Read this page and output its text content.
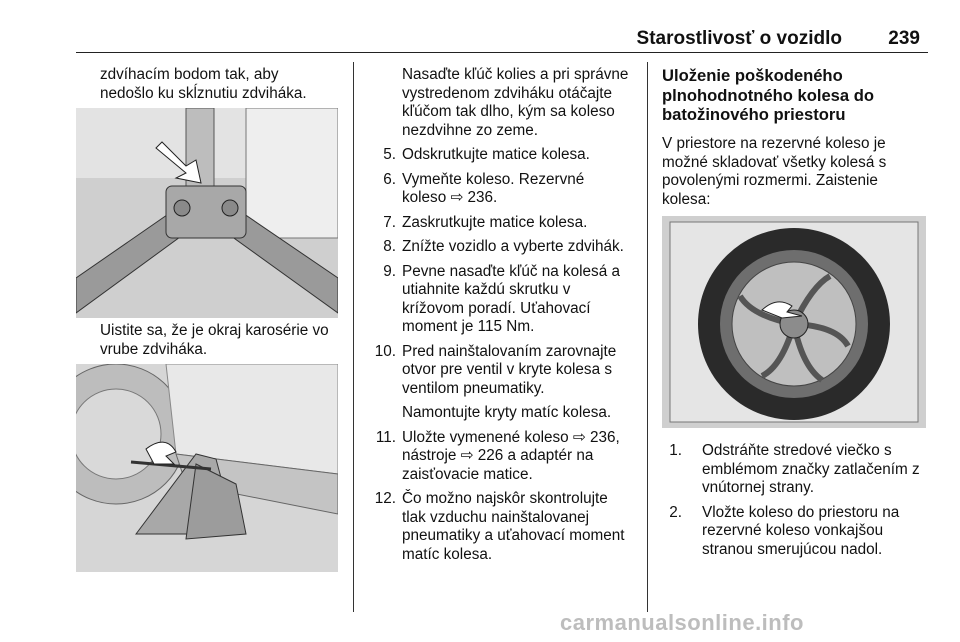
Starostlivosť o vozidlo 239

zdvíhacím bodom tak, aby

nedošlo ku skĺznutiu zdviháka.

Uistite sa, že je okraj karosérie vo

vrube zdviháka.

Nasaďte kľúč kolies a pri správne
vystredenom zdviháku otáčajte
kľúčom tak dlho, kým sa koleso
nezdvihne zo zeme.
5. Odskrutkujte matice kolesa.
6. Vymeňte koleso. Rezervné
koleso ⇨ 236.
7. Zaskrutkujte matice kolesa.
8. Znížte vozidlo a vyberte zdvihák.
9. Pevne nasaďte kľúč na kolesá a
utiahnite každú skrutku v
krížovom poradí. Uťahovací
moment je 115 Nm.
10. Pred nainštalovaním zarovnajte
otvor pre ventil v kryte kolesa s
ventilom pneumatiky.
Namontujte kryty matíc kolesa.
11. Uložte vymenené koleso ⇨ 236,
nástroje ⇨ 226 a adaptér na
zaisťovacie matice.
12. Čo možno najskôr skontrolujte
tlak vzduchu nainštalovanej
pneumatiky a uťahovací moment
matíc kolesa.
Uloženie poškodeného
plnohodnotného kolesa do
batožinového priestoru

V priestore na rezervné koleso je

možné skladovať všetky kolesá s

povolenými rozmermi. Zaistenie

kolesa:

1.	Odstráňte stredové viečko s
emblémom značky zatlačením z
vnútornej strany.
2. Vložte koleso do priestoru na
rezervné koleso vonkajšou
stranou smerujúcou nadol.
carmanualsonline.info
